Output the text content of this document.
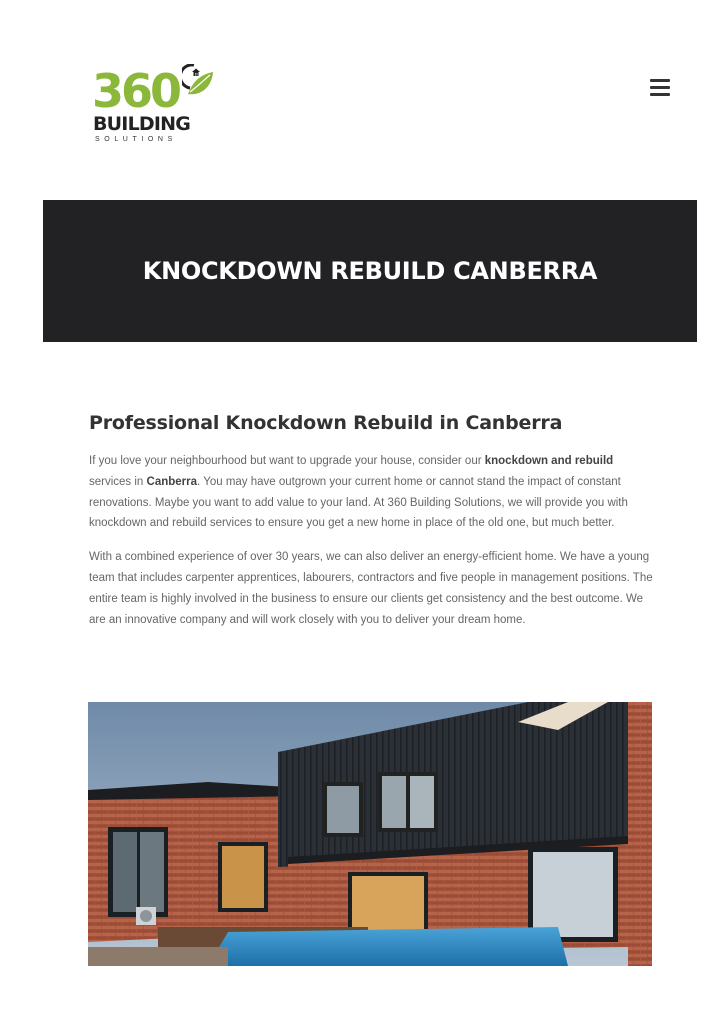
360
BUILDING
SOLUTIONS
KNOCKDOWN REBUILD CANBERRA
Professional Knockdown Rebuild in Canberra

If you love your neighbourhood but want to upgrade your house, consider our knockdown and rebuild services in Canberra. You may have outgrown your current home or cannot stand the impact of constant renovations. Maybe you want to add value to your land. At 360 Building Solutions, we will provide you with knockdown and rebuild services to ensure you get a new home in place of the old one, but much better.

With a combined experience of over 30 years, we can also deliver an energy-efficient home. We have a young team that includes carpenter apprentices, labourers, contractors and five people in management positions. The entire team is highly involved in the business to ensure our clients get consistency and the best outcome. We are an innovative company and will work closely with you to deliver your dream home.
